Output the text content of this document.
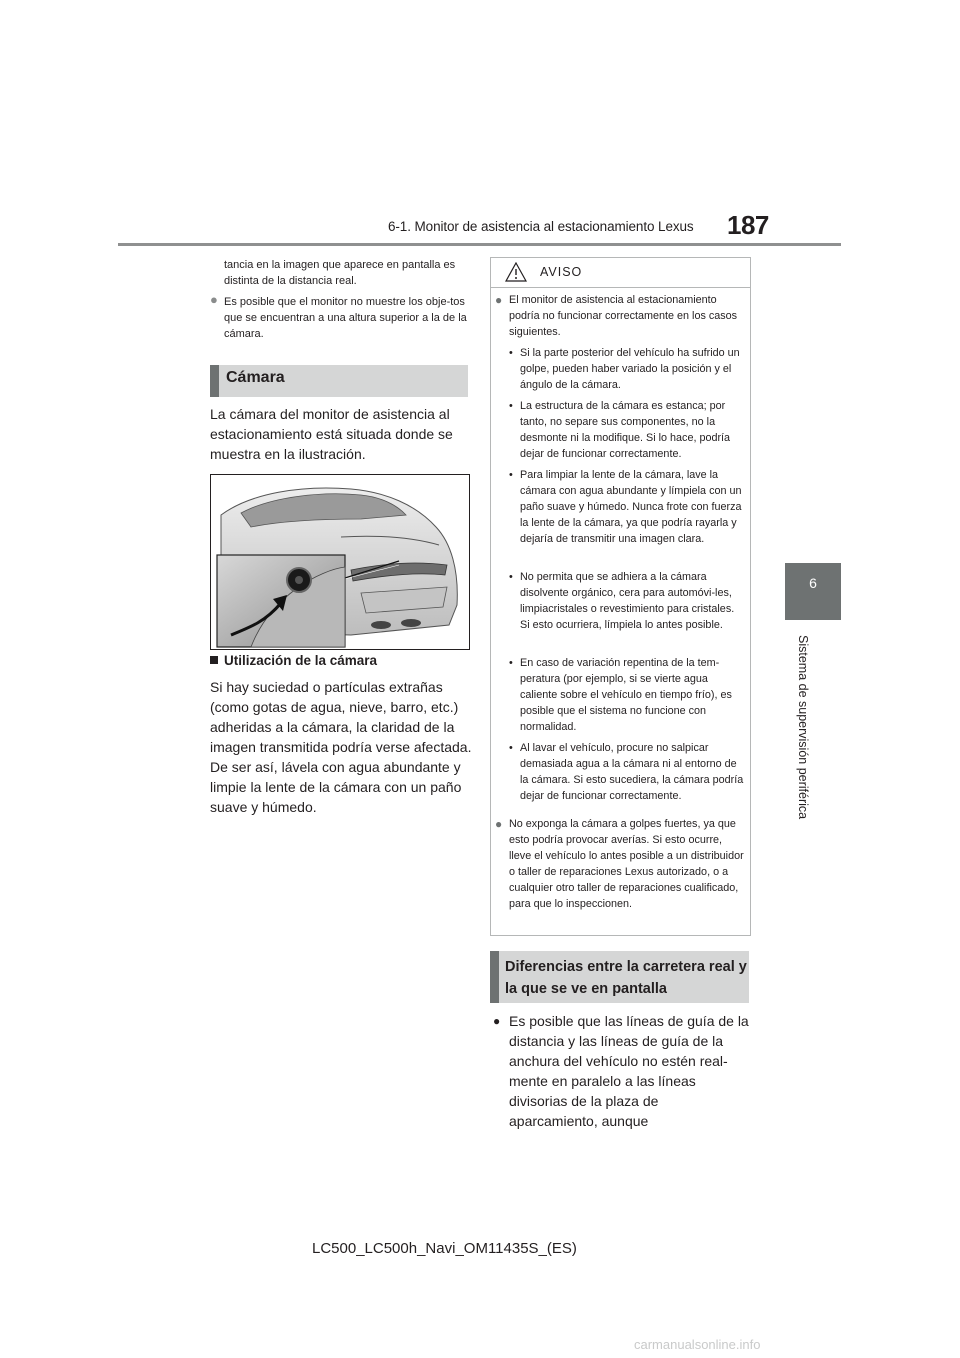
6-1. Monitor de asistencia al estacionamiento Lexus 187
6
Sistema de supervisión periférica
tancia en la imagen que aparece en pantalla es distinta de la distancia real.
● Es posible que el monitor no muestre los obje-tos que se encuentran a una altura superior a la de la cámara.
Cámara
La cámara del monitor de asistencia al estacionamiento está situada donde se muestra en la ilustración.
Utilización de la cámara
Si hay suciedad o partículas extrañas (como gotas de agua, nieve, barro, etc.) adheridas a la cámara, la claridad de la imagen transmitida podría verse afectada. De ser así, lávela con agua abundante y limpie la lente de la cámara con un paño suave y húmedo.
AVISO
● El monitor de asistencia al estacionamiento podría no funcionar correctamente en los casos siguientes.
• Si la parte posterior del vehículo ha sufrido un golpe, pueden haber variado la posición y el ángulo de la cámara.
• La estructura de la cámara es estanca; por tanto, no separe sus componentes, no la desmonte ni la modifique. Si lo hace, podría dejar de funcionar correctamente.
• Para limpiar la lente de la cámara, lave la cámara con agua abundante y límpiela con un paño suave y húmedo. Nunca frote con fuerza la lente de la cámara, ya que podría rayarla y dejaría de transmitir una imagen clara.
• No permita que se adhiera a la cámara disolvente orgánico, cera para automóvi-les, limpiacristales o revestimiento para cristales. Si esto ocurriera, límpiela lo antes posible.
• En caso de variación repentina de la tem-peratura (por ejemplo, si se vierte agua caliente sobre el vehículo en tiempo frío), es posible que el sistema no funcione con normalidad.
• Al lavar el vehículo, procure no salpicar demasiada agua a la cámara ni al entorno de la cámara. Si esto sucediera, la cámara podría dejar de funcionar correctamente.
● No exponga la cámara a golpes fuertes, ya que esto podría provocar averías. Si esto ocurre, lleve el vehículo lo antes posible a un distribuidor o taller de reparaciones Lexus autorizado, o a cualquier otro taller de reparaciones cualificado, para que lo inspeccionen.
Diferencias entre la carretera real y la que se ve en pantalla
● Es posible que las líneas de guía de la distancia y las líneas de guía de la anchura del vehículo no estén real-mente en paralelo a las líneas divisorias de la plaza de aparcamiento, aunque
LC500_LC500h_Navi_OM11435S_(ES)
carmanualsonline.info
